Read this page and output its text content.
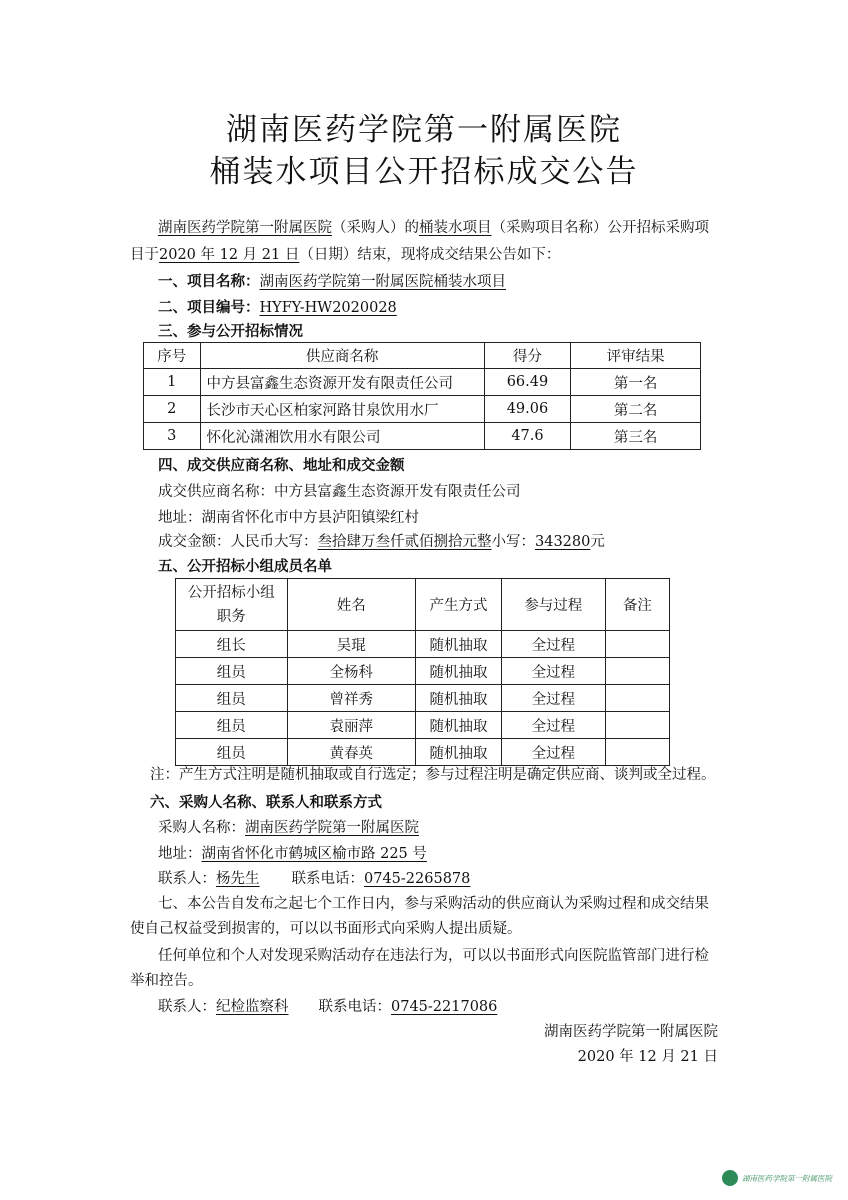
湖南医药学院第一附属医院
桶装水项目公开招标成交公告
湖南医药学院第一附属医院（采购人）的桶装水项目（采购项目名称）公开招标采购项
目于2020 年 12 月 21 日（日期）结束，现将成交结果公告如下：
一、项目名称：湖南医药学院第一附属医院桶装水项目
二、项目编号：HYFY-HW2020028
三、参与公开招标情况
序号	供应商名称	得分	评审结果
1	中方县富鑫生态资源开发有限责任公司	66.49	第一名
2	长沙市天心区柏家河路甘泉饮用水厂	49.06	第二名
3	怀化沁潇湘饮用水有限公司	47.6	第三名
四、成交供应商名称、地址和成交金额
成交供应商名称：中方县富鑫生态资源开发有限责任公司
地址：湖南省怀化市中方县泸阳镇梁红村
成交金额：人民币大写：叁拾肆万叁仟贰佰捌拾元整小写：343280元
五、公开招标小组成员名单
公开招标小组
职务	姓名	产生方式	参与过程	备注
组长	吴琨	随机抽取	全过程	
组员	全杨科	随机抽取	全过程	
组员	曾祥秀	随机抽取	全过程	
组员	袁丽萍	随机抽取	全过程	
组员	黄春英	随机抽取	全过程	
注：产生方式注明是随机抽取或自行选定；参与过程注明是确定供应商、谈判或全过程。
六、采购人名称、联系人和联系方式
采购人名称：湖南医药学院第一附属医院
地址：湖南省怀化市鹤城区榆市路 225 号
联系人：杨先生 联系电话：0745-2265878
七、本公告自发布之起七个工作日内，参与采购活动的供应商认为采购过程和成交结果
使自己权益受到损害的，可以以书面形式向采购人提出质疑。
任何单位和个人对发现采购活动存在违法行为，可以以书面形式向医院监管部门进行检
举和控告。
联系人：纪检监察科 联系电话：0745-2217086
湖南医药学院第一附属医院
2020 年 12 月 21 日
湖南医药学院第一附属医院
